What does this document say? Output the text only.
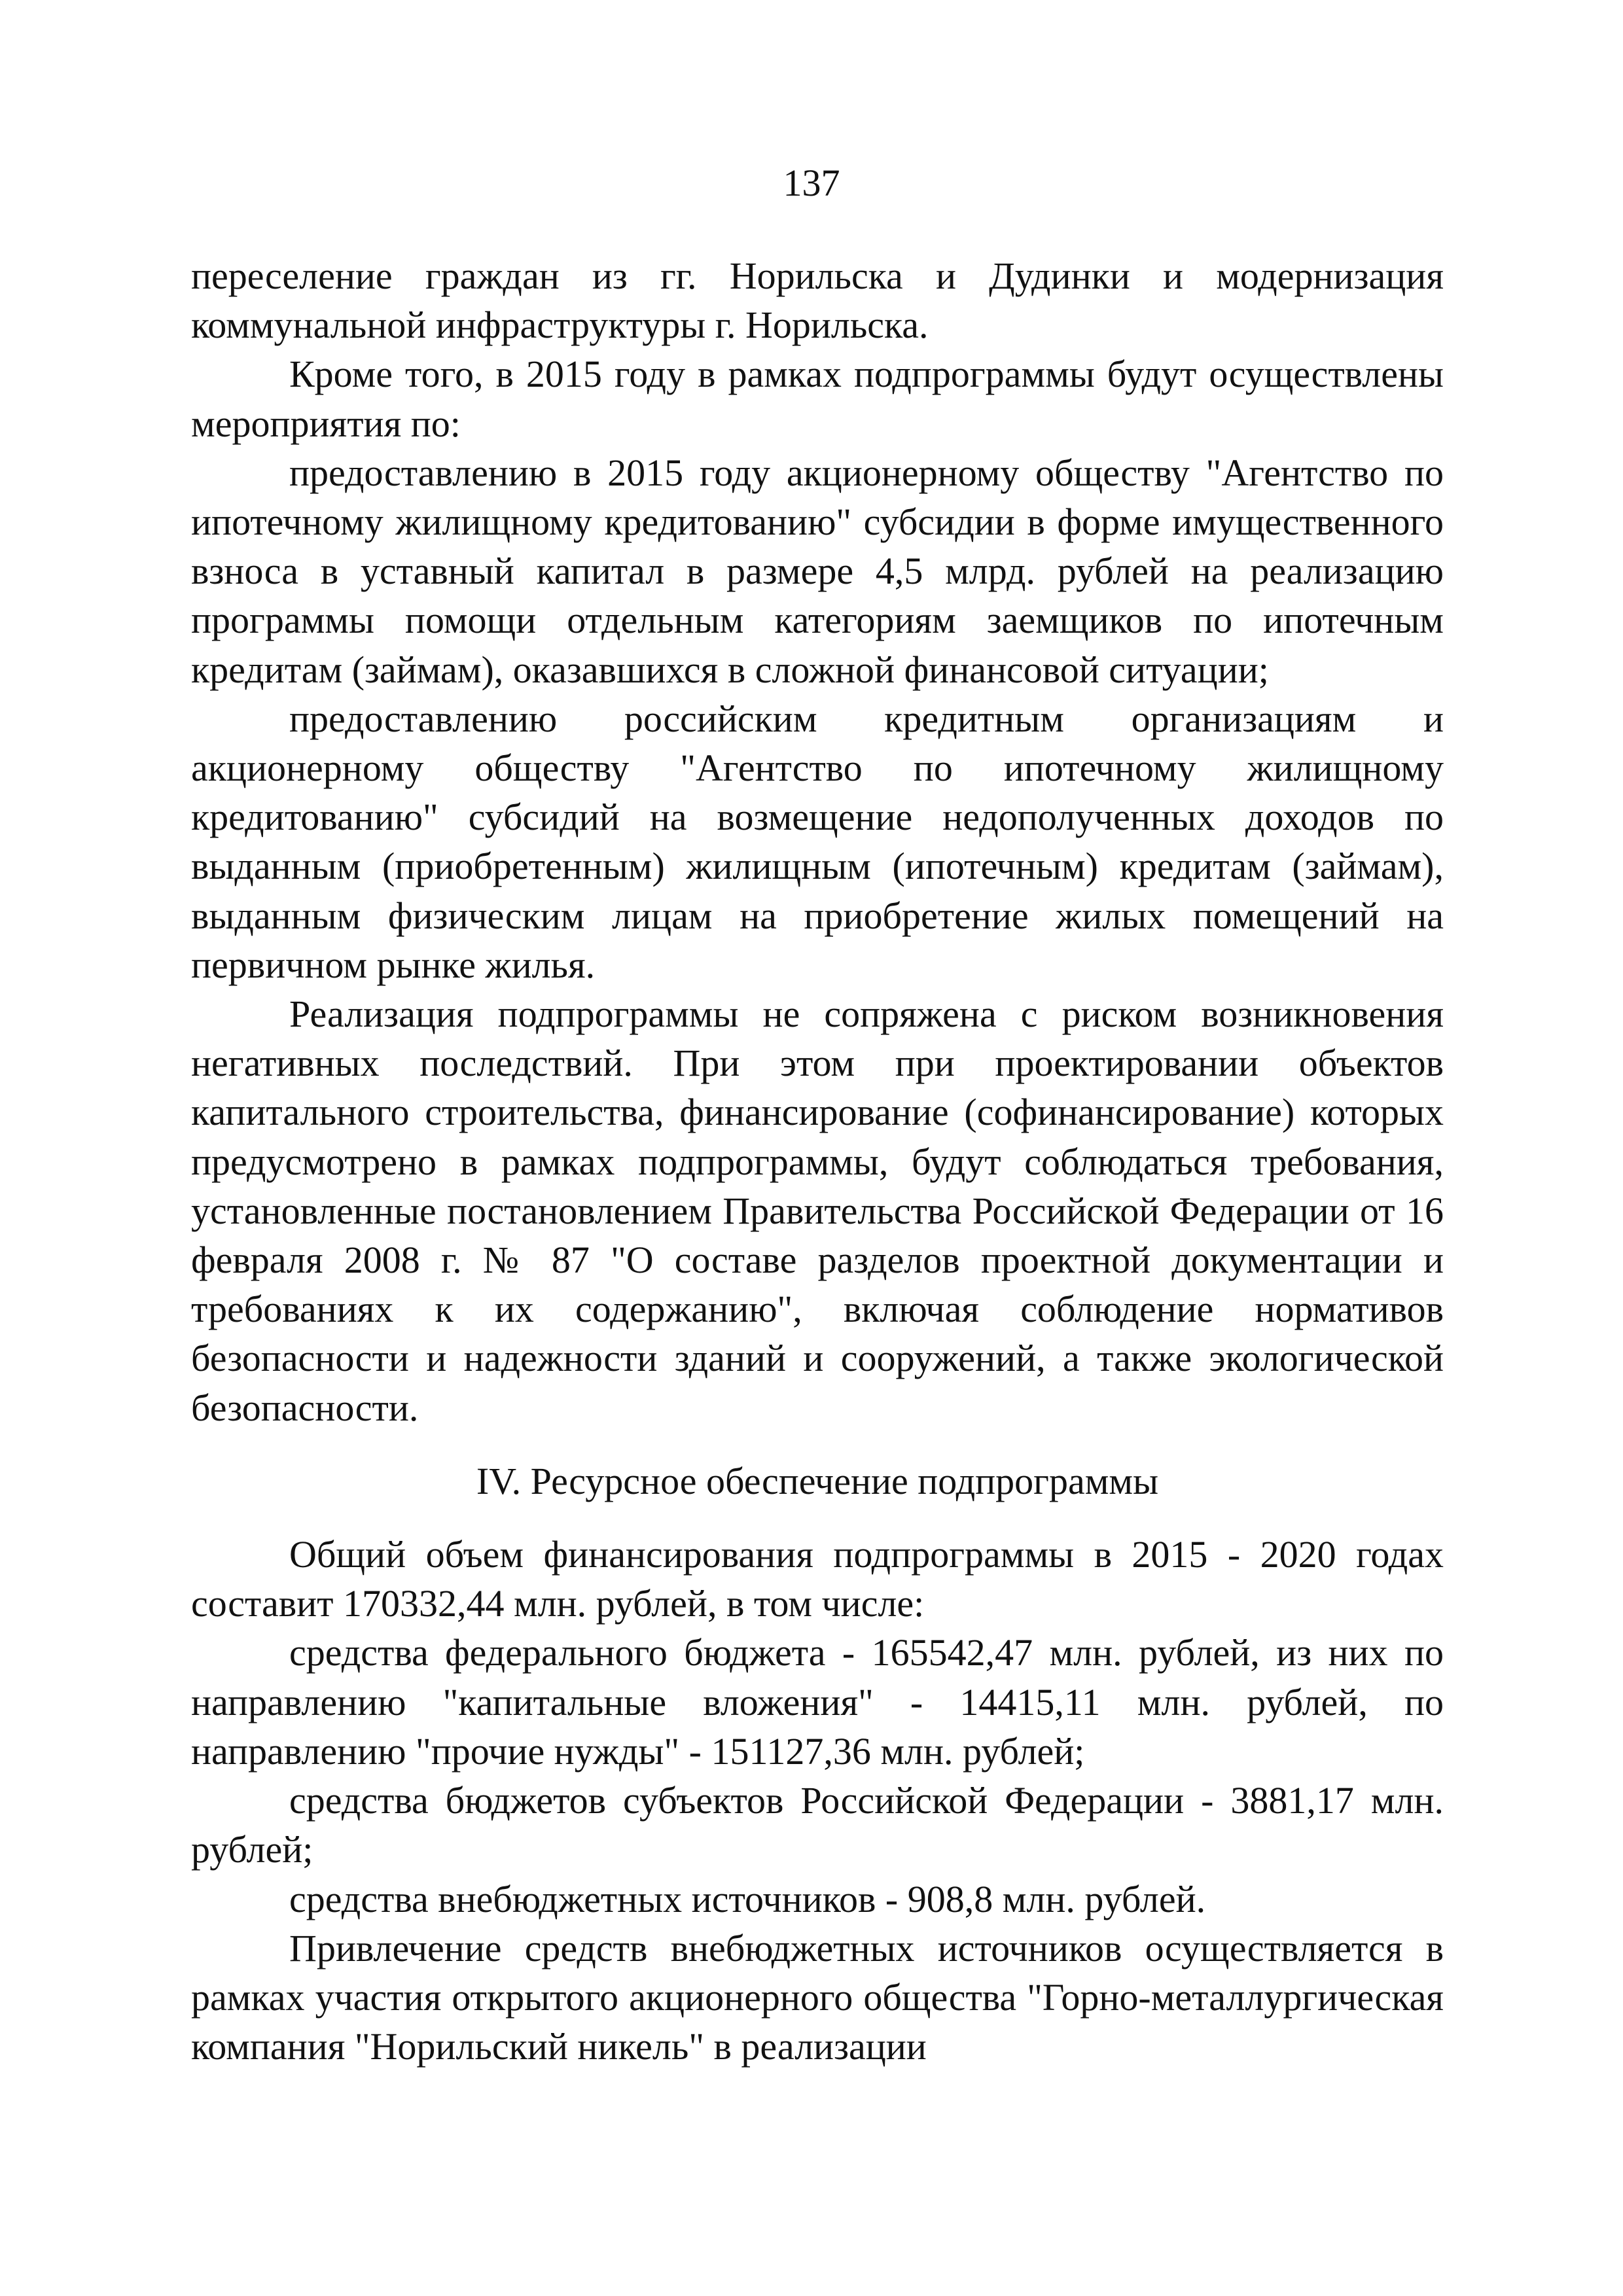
137

переселение граждан из гг. Норильска и Дудинки и модернизация коммунальной инфраструктуры г. Норильска.

Кроме того, в 2015 году в рамках подпрограммы будут осуществлены мероприятия по:

предоставлению в 2015 году акционерному обществу "Агентство по ипотечному жилищному кредитованию" субсидии в форме имущественного взноса в уставный капитал в размере 4,5 млрд. рублей на реализацию программы помощи отдельным категориям заемщиков по ипотечным кредитам (займам), оказавшихся в сложной финансовой ситуации;

предоставлению российским кредитным организациям и акционерному обществу "Агентство по ипотечному жилищному кредитованию" субсидий на возмещение недополученных доходов по выданным (приобретенным) жилищным (ипотечным) кредитам (займам), выданным физическим лицам на приобретение жилых помещений на первичном рынке жилья.

Реализация подпрограммы не сопряжена с риском возникновения негативных последствий. При этом при проектировании объектов капитального строительства, финансирование (софинансирование) которых предусмотрено в рамках подпрограммы, будут соблюдаться требования, установленные постановлением Правительства Российской Федерации от 16 февраля 2008 г. № 87 "О составе разделов проектной документации и требованиях к их содержанию", включая соблюдение нормативов безопасности и надежности зданий и сооружений, а также экологической безопасности.

IV. Ресурсное обеспечение подпрограммы

Общий объем финансирования подпрограммы в 2015 - 2020 годах составит 170332,44 млн. рублей, в том числе:

средства федерального бюджета - 165542,47 млн. рублей, из них по направлению "капитальные вложения" - 14415,11 млн. рублей, по направлению "прочие нужды" - 151127,36 млн. рублей;

средства бюджетов субъектов Российской Федерации - 3881,17 млн. рублей;

средства внебюджетных источников - 908,8 млн. рублей.

Привлечение средств внебюджетных источников осуществляется в рамках участия открытого акционерного общества "Горно-металлургическая компания "Норильский никель" в реализации
